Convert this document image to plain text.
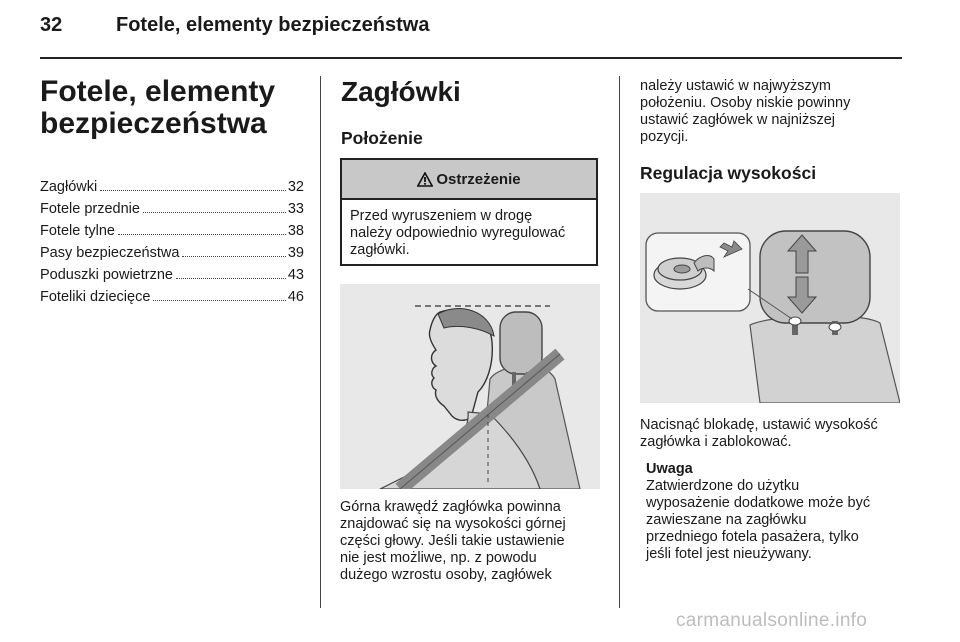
32	Fotele, elementy bezpieczeństwa
Fotele, elementy
bezpieczeństwa
Zagłówki	32
Fotele przednie	33
Fotele tylne	38
Pasy bezpieczeństwa	39
Poduszki powietrzne	43
Foteliki dziecięce	46
Zagłówki
Położenie
Ostrzeżenie
Przed wyruszeniem w drogę
należy odpowiednio wyregulować
zagłówki.
Górna krawędź zagłówka powinna
znajdować się na wysokości górnej
części głowy. Jeśli takie ustawienie
nie jest możliwe, np. z powodu
dużego wzrostu osoby, zagłówek
należy ustawić w najwyższym
położeniu. Osoby niskie powinny
ustawić zagłówek w najniższej
pozycji.
Regulacja wysokości
Nacisnąć blokadę, ustawić wysokość
zagłówka i zablokować.
Uwaga
Zatwierdzone do użytku
wyposażenie dodatkowe może być
zawieszane na zagłówku
przedniego fotela pasażera, tylko
jeśli fotel jest nieużywany.
carmanualsonline.info
